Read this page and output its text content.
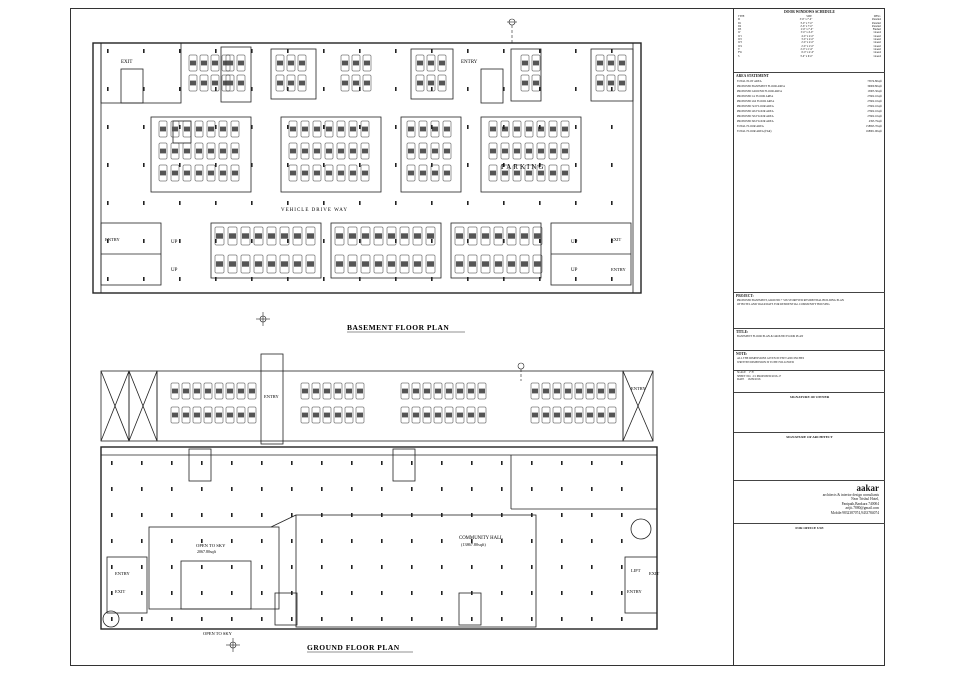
EXIT	ENTRY
PARKING
VEHICLE DRIVE WAY
ENTRY
UP
UP
UP
UP
EXIT
ENTRY
BASEMENT FLOOR PLAN
OPEN TO SKY
2067.80sqft
COMMUNITY HALL
(13867.80sqft)
ENTRY
ENTRY
ENTRY
EXIT
LIFT
EXIT
ENTRY
OPEN TO SKY
GROUND FLOOR PLAN
DOOR WINDOWS SCHEDULE
TYPE	SIZE	DESC.
D	3'-6" x 7'-0"	Panelled
D1	3'-0" x 7'-0"	Panelled
D2	2'-6" x 7'-0"	Panelled
D3	2'-6" x 7'-0"	Flushed
W	5'-0" x 4'-0"	Glazed
W1	4'-0" x 4'-0"	Glazed
W2	3'-0" x 4'-0"	Glazed
W3	2'-0" x 4'-0"	Glazed
W4	2'-0" x 2'-0"	Glazed
V	2'-0" x 1'-6"	Glazed
FW	6'-0" x 4'-0"	Glazed
S	3'-0" x 6'-0"	Glazed
AREA STATEMENT
TOTAL PLOT AREA	73674.80sqft
PROPOSED BASEMENT FLOOR AREA	36900.80sqft
PROPOSED GROUND FLOOR AREA	15905.30sqft
PROPOSED 1st FLOOR AREA	27602.10sqft
PROPOSED 2nd FLOOR AREA	27602.10sqft
PROPOSED 3rd FLOOR AREA	27602.10sqft
PROPOSED 4th FLOOR AREA	27602.10sqft
PROPOSED 5th FLOOR AREA	27602.10sqft
PROPOSED 6th FLOOR AREA	4395.79sqft
TOTAL FLOOR AREA	158695.70sqft
TOTAL FLOOR AREA (FAR)	168901.90sqft
PROJECT:
PROPOSED BASEMENT, GROUND + SIX STOREYED RESIDENTIAL BUILDING PLAN
OF HOTEL AND WALKWAYS FOR RESIDENTIAL COMMUNITY HOUSING
TITLE:
BASEMENT FLOOR PLAN & GROUND FLOOR PLAN
NOTE:
ALL THE DIMENSIONS GIVEN IN FEET AND INCHES
WRITTEN DIMENSION IS TO BE FOLLOWED
SCALE 1":8'
SHEET NO.  2/1 PROPOSED/2016-17
DATE 16/09/2016
SIGNATURE OF OWNER
SIGNATURE OF ARCHITECT
aakar
architects & interior design consultants
Near Trishul Hotel,
Panipath,Bankura 740004
arijit.7880@gmail.com
Mobile:9832387074,9433784074
FOR OFFICE USE
